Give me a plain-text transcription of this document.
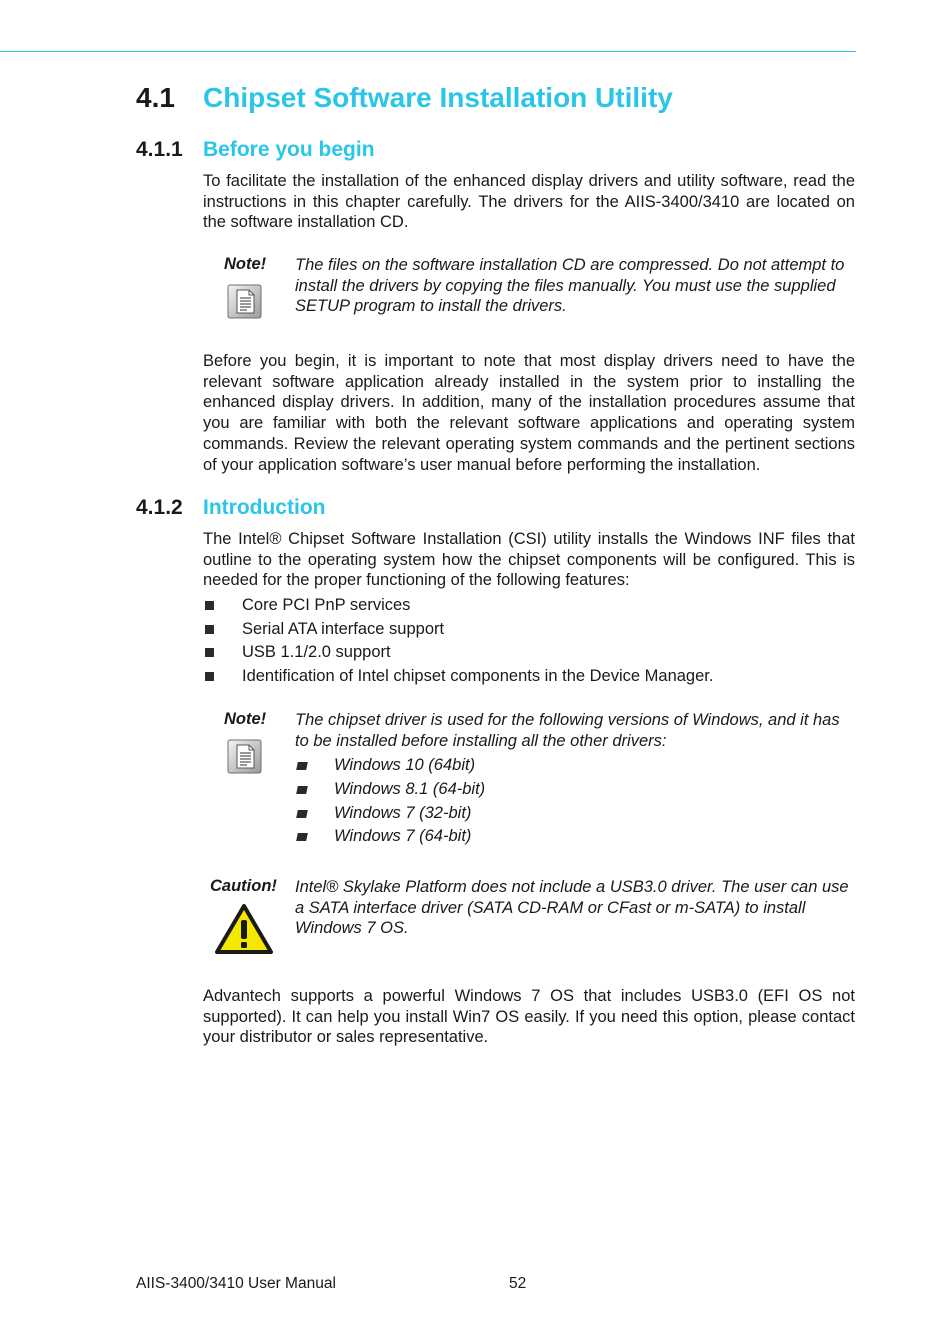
4.1 Chipset Software Installation Utility
4.1.1 Before you begin

To facilitate the installation of the enhanced display drivers and utility software, read the instructions in this chapter carefully. The drivers for the AIIS-3400/3410 are located on the software installation CD.

Note! The files on the software installation CD are compressed. Do not attempt to install the drivers by copying the files manually. You must use the supplied SETUP program to install the drivers.

Before you begin, it is important to note that most display drivers need to have the relevant software application already installed in the system prior to installing the enhanced display drivers. In addition, many of the installation procedures assume that you are familiar with both the relevant software applications and operating system commands. Review the relevant operating system commands and the pertinent sections of your application software’s user manual before performing the installation.

4.1.2 Introduction

The Intel® Chipset Software Installation (CSI) utility installs the Windows INF files that outline to the operating system how the chipset components will be configured. This is needed for the proper functioning of the following features:

Core PCI PnP services
Serial ATA interface support
USB 1.1/2.0 support
Identification of Intel chipset components in the Device Manager.
Note! The chipset driver is used for the following versions of Windows, and it has to be installed before installing all the other drivers:

Windows 10 (64bit)
Windows 8.1 (64-bit)
Windows 7 (32-bit)
Windows 7 (64-bit)
Caution! Intel® Skylake Platform does not include a USB3.0 driver. The user can use a SATA interface driver (SATA CD-RAM or CFast or m-SATA) to install Windows 7 OS.

Advantech supports a powerful Windows 7 OS that includes USB3.0 (EFI OS not supported). It can help you install Win7 OS easily. If you need this option, please contact your distributor or sales representative.

AIIS-3400/3410 User Manual	52
